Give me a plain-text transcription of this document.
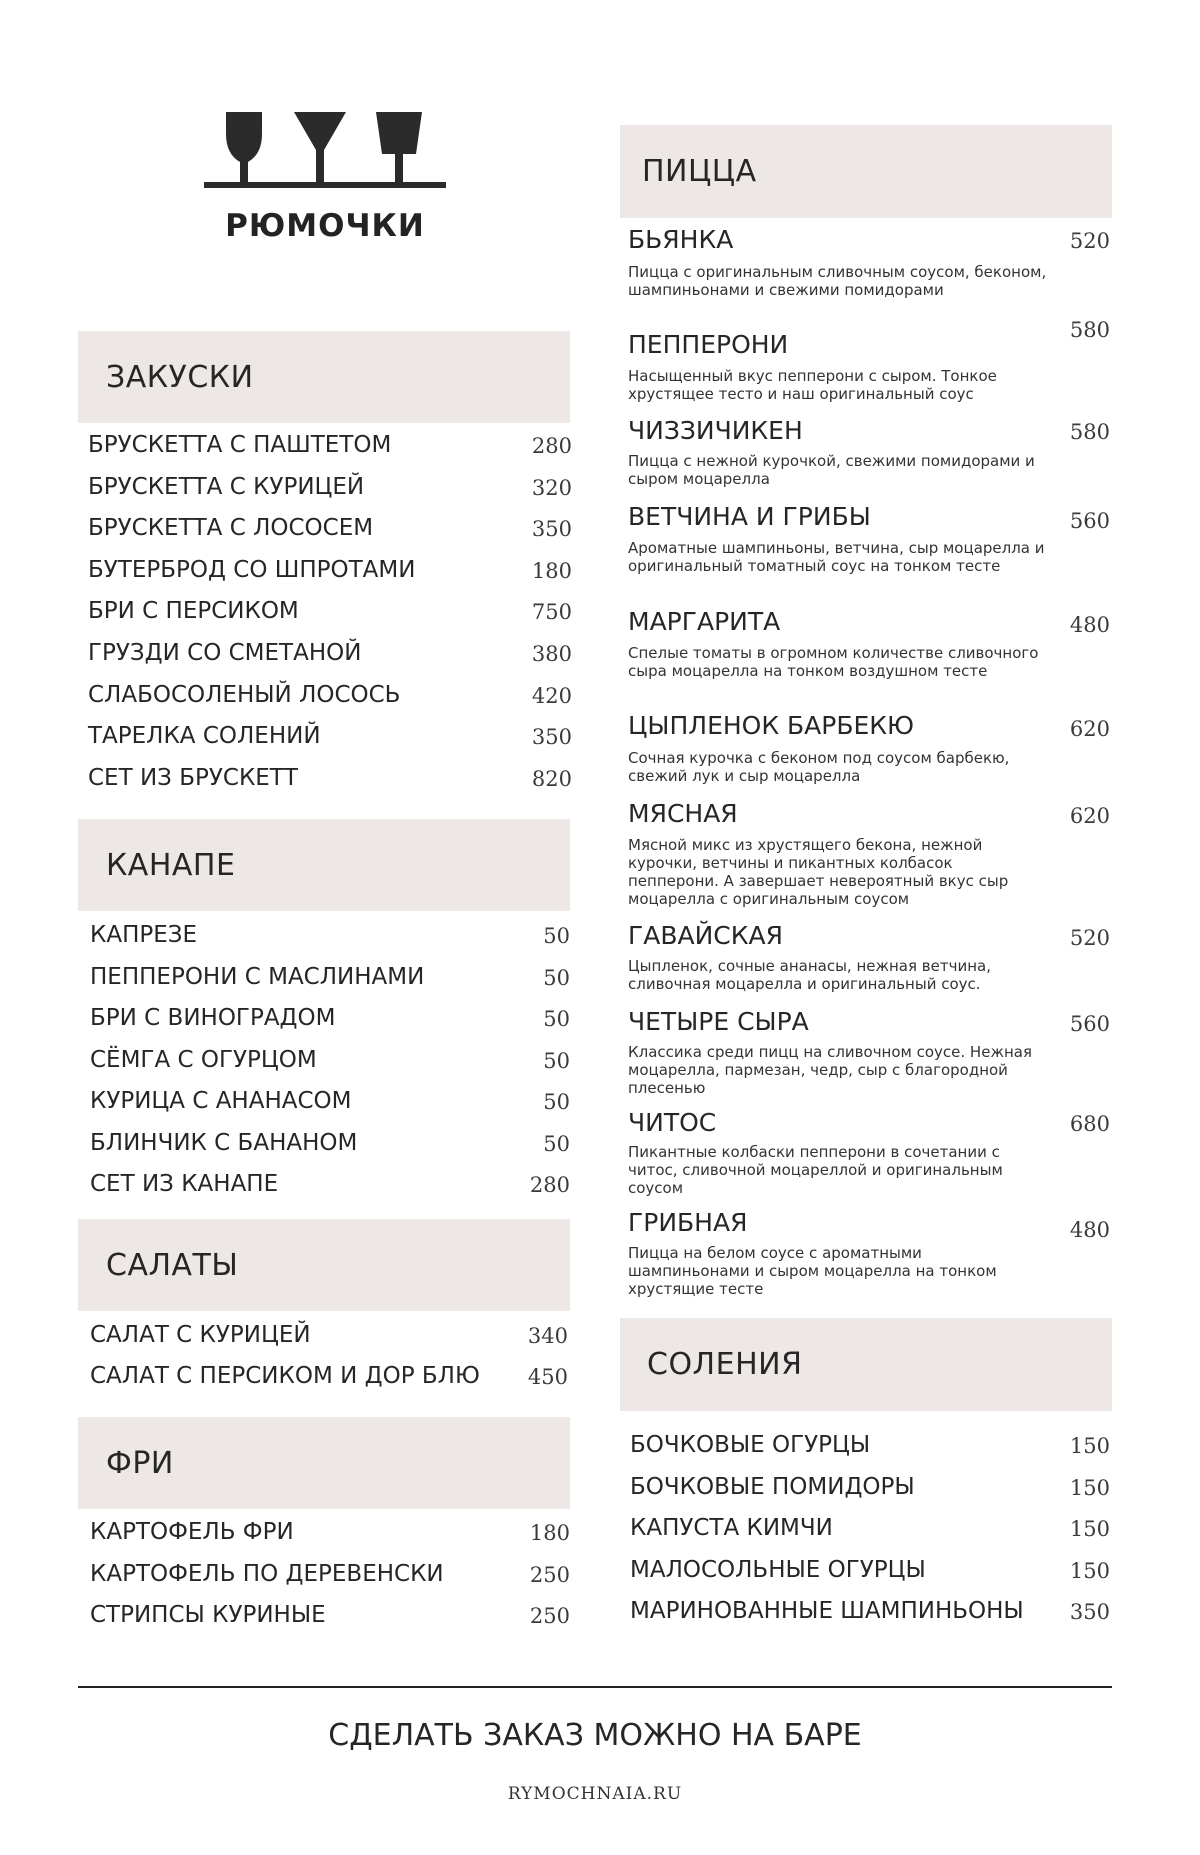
РЮМОЧКИ
ЗАКУСКИ
БРУСКЕТТА С ПАШТЕТОМ	280
БРУСКЕТТА С КУРИЦЕЙ	320
БРУСКЕТТА С ЛОСОСЕМ	350
БУТЕРБРОД СО ШПРОТАМИ	180
БРИ С ПЕРСИКОМ	750
ГРУЗДИ СО СМЕТАНОЙ	380
СЛАБОСОЛЕНЫЙ ЛОСОСЬ	420
ТАРЕЛКА СОЛЕНИЙ	350
СЕТ ИЗ БРУСКЕТТ	820
КАНАПЕ
КАПРЕЗЕ	50
ПЕППЕРОНИ С МАСЛИНАМИ	50
БРИ С ВИНОГРАДОМ	50
СЁМГА С ОГУРЦОМ	50
КУРИЦА С АНАНАСОМ	50
БЛИНЧИК С БАНАНОМ	50
СЕТ ИЗ КАНАПЕ	280
САЛАТЫ
САЛАТ С КУРИЦЕЙ	340
САЛАТ С ПЕРСИКОМ И ДОР БЛЮ	450
ФРИ
КАРТОФЕЛЬ ФРИ	180
КАРТОФЕЛЬ ПО ДЕРЕВЕНСКИ	250
СТРИПСЫ КУРИНЫЕ	250
ПИЦЦА
БЬЯНКА	520
Пицца с оригинальным сливочным соусом, беконом, шампиньонами и свежими помидорами
ПЕППЕРОНИ	580
Насыщенный вкус пепперони с сыром. Тонкое хрустящее тесто и наш оригинальный соус
ЧИЗЗИЧИКЕН	580
Пицца с нежной курочкой, свежими помидорами и сыром моцарелла
ВЕТЧИНА И ГРИБЫ	560
Ароматные шампиньоны, ветчина, сыр моцарелла и оригинальный томатный соус на тонком тесте
МАРГАРИТА	480
Спелые томаты в огромном количестве сливочного сыра моцарелла на тонком воздушном тесте
ЦЫПЛЕНОК БАРБЕКЮ	620
Сочная курочка с беконом под соусом барбекю, свежий лук и сыр моцарелла
МЯСНАЯ	620
Мясной микс из хрустящего бекона, нежной курочки, ветчины и пикантных колбасок пепперони. А завершает невероятный вкус сыр моцарелла с оригинальным соусом
ГАВАЙСКАЯ	520
Цыпленок, сочные ананасы, нежная ветчина, сливочная моцарелла и оригинальный соус.
ЧЕТЫРЕ СЫРА	560
Классика среди пицц на сливочном соусе. Нежная моцарелла, пармезан, чедр, сыр с благородной плесенью
ЧИТОС	680
Пикантные колбаски пепперони в сочетании с читос, сливочной моцареллой и оригинальным соусом
ГРИБНАЯ	480
Пицца на белом соусе с ароматными шампиньонами и сыром моцарелла на тонком хрустящие тесте
СОЛЕНИЯ
БОЧКОВЫЕ ОГУРЦЫ	150
БОЧКОВЫЕ ПОМИДОРЫ	150
КАПУСТА КИМЧИ	150
МАЛОСОЛЬНЫЕ ОГУРЦЫ	150
МАРИНОВАННЫЕ ШАМПИНЬОНЫ	350
СДЕЛАТЬ ЗАКАЗ МОЖНО НА БАРЕ
RYMOCHNAIA.RU
